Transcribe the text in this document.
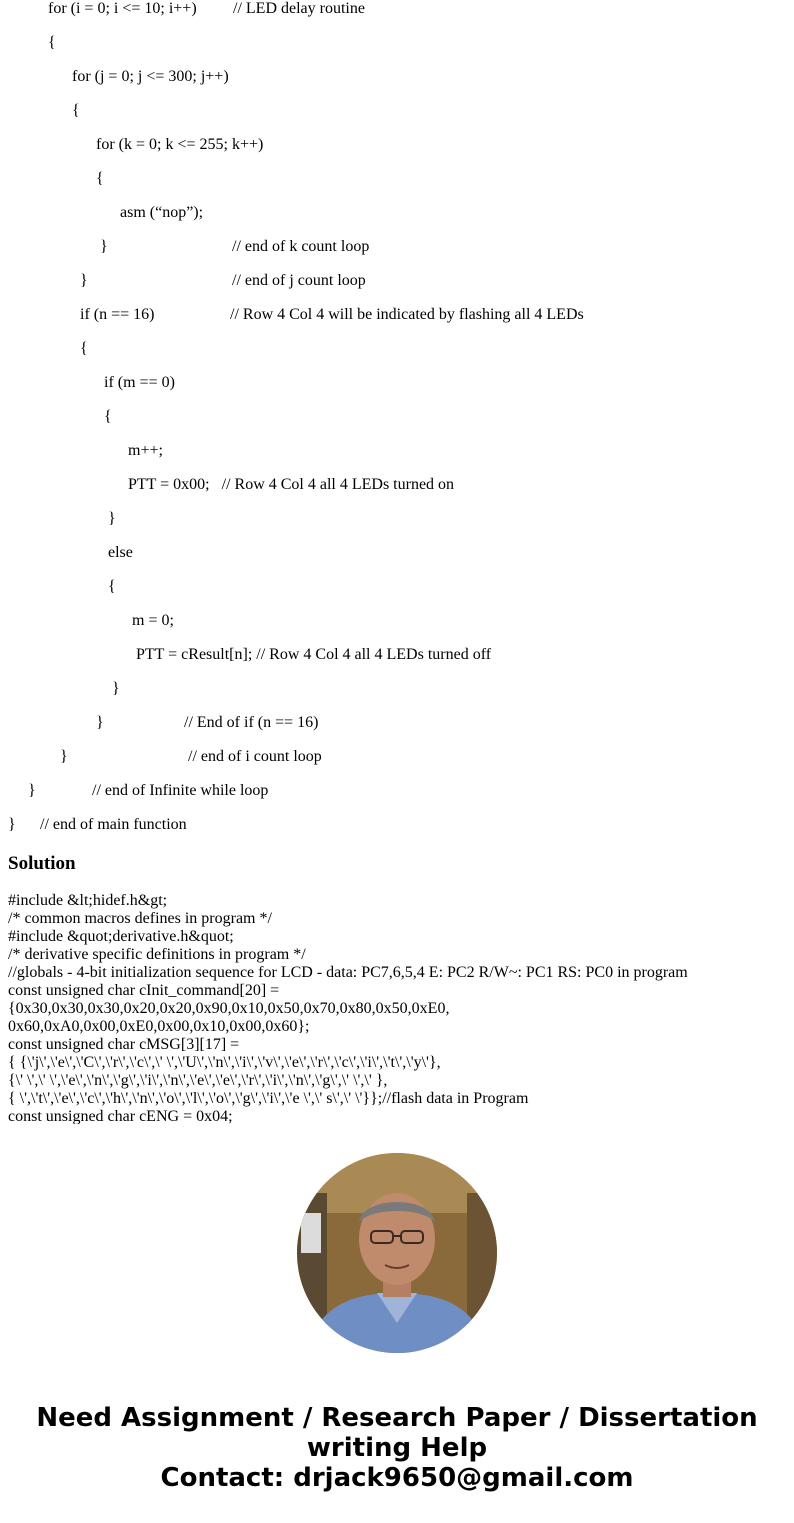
for (i = 0; i <= 10; i++) // LED delay routine
{
for (j = 0; j <= 300; j++)
{
for (k = 0; k <= 255; k++)
{
asm (“nop”);
}	// end of k count loop
}	// end of j count loop
if (n == 16)	// Row 4 Col 4 will be indicated by flashing all 4 LEDs
{
if (m == 0)
{
m++;
PTT = 0x00;   // Row 4 Col 4 all 4 LEDs turned on
}
else
{
m = 0;
PTT = cResult[n]; // Row 4 Col 4 all 4 LEDs turned off
}
}	// End of if (n == 16)
}	// end of i count loop
}	// end of Infinite while loop
} // end of main function
Solution
#include &lt;hidef.h&gt;
/* common macros defines in program */
#include &quot;derivative.h&quot;
/* derivative specific definitions in program */
//globals - 4-bit initialization sequence for LCD - data: PC7,6,5,4 E: PC2 R/W~: PC1 RS: PC0 in program
const unsigned char cInit_command[20] =
{0x30,0x30,0x30,0x20,0x20,0x90,0x10,0x50,0x70,0x80,0x50,0xE0,
0x60,0xA0,0x00,0xE0,0x00,0x10,0x00,0x60};
const unsigned char cMSG[3][17] =
{ {\'j\',\'e\',\'C\',\'r\',\'c\',\' \',\'U\',\'n\',\'i\',\'v\',\'e\',\'r\',\'c\',\'i\',\'t\',\'y\'},
{\' \',\' \',\'e\',\'n\',\'g\',\'i\',\'n\',\'e\',\'e\',\'r\',\'i\',\'n\',\'g\',\' \',\' },
{ \',\'t\',\'e\',\'c\',\'h\',\'n\',\'o\',\'l\',\'o\',\'g\',\'i\',\'e \',\' s\',\' \'}};//flash data in Program
const unsigned char cENG = 0x04;
Need Assignment / Research Paper / Dissertation
writing Help
Contact: drjack9650@gmail.com
